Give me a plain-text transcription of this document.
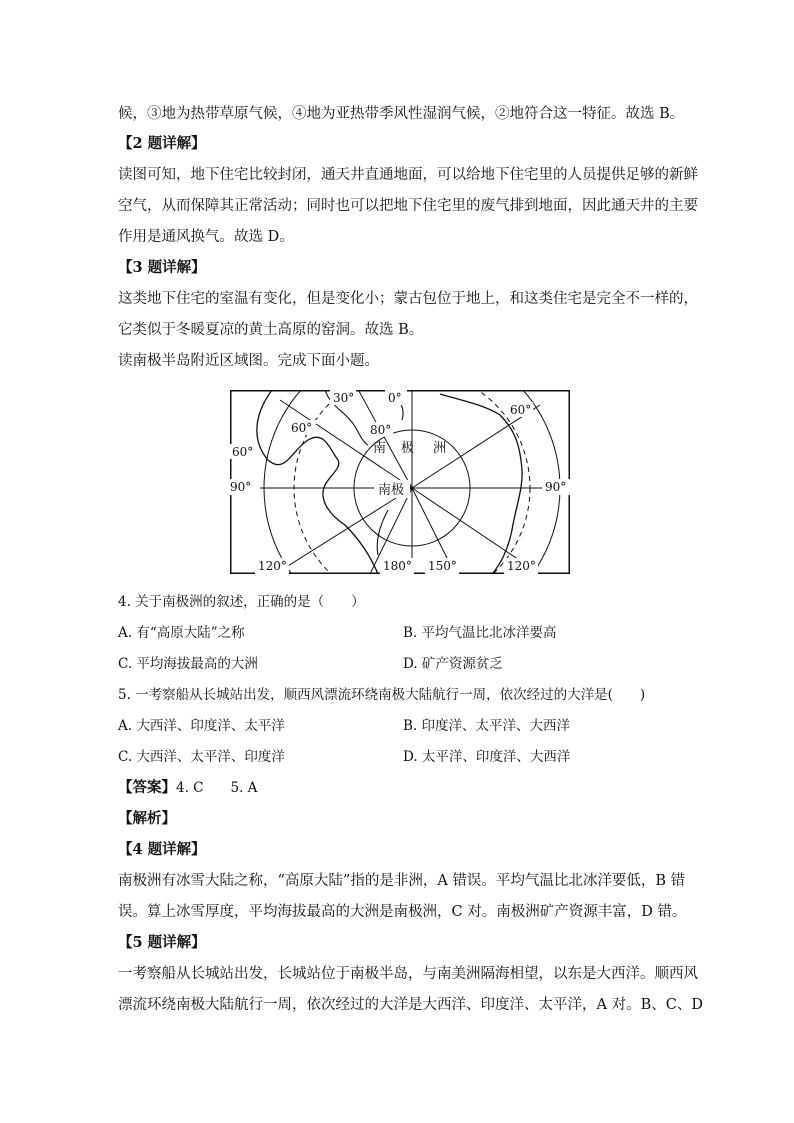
候，③地为热带草原气候，④地为亚热带季风性湿润气候，②地符合这一特征。故选 B。
【2 题详解】
读图可知，地下住宅比较封闭，通天井直通地面，可以给地下住宅里的人员提供足够的新鲜
空气，从而保障其正常活动；同时也可以把地下住宅里的废气排到地面，因此通天井的主要
作用是通风换气。故选 D。
【3 题详解】
这类地下住宅的室温有变化，但是变化小；蒙古包位于地上，和这类住宅是完全不一样的，
它类似于冬暖夏凉的黄土高原的窑洞。故选 B。
读南极半岛附近区域图。完成下面小题。
30°	0°
60°
60°	80°
60°
90°	90°
120°	180° 150°	120°
南 极 洲
南极
4. 关于南极洲的叙述，正确的是（　　）
A. 有“高原大陆”之称	B. 平均气温比北冰洋要高
C. 平均海拔最高的大洲	D. 矿产资源贫乏
5. 一考察船从长城站出发，顺西风漂流环绕南极大陆航行一周，依次经过的大洋是(　　)
A. 大西洋、印度洋、太平洋	B. 印度洋、太平洋、大西洋
C. 大西洋、太平洋、印度洋	D. 太平洋、印度洋、大西洋
【答案】4. C　　5. A
【解析】
【4 题详解】
南极洲有冰雪大陆之称，“高原大陆”指的是非洲，A 错误。平均气温比北冰洋要低，B 错
误。算上冰雪厚度，平均海拔最高的大洲是南极洲，C 对。南极洲矿产资源丰富，D 错。
【5 题详解】
一考察船从长城站出发，长城站位于南极半岛，与南美洲隔海相望，以东是大西洋。顺西风
漂流环绕南极大陆航行一周，依次经过的大洋是大西洋、印度洋、太平洋，A 对。B、C、D
